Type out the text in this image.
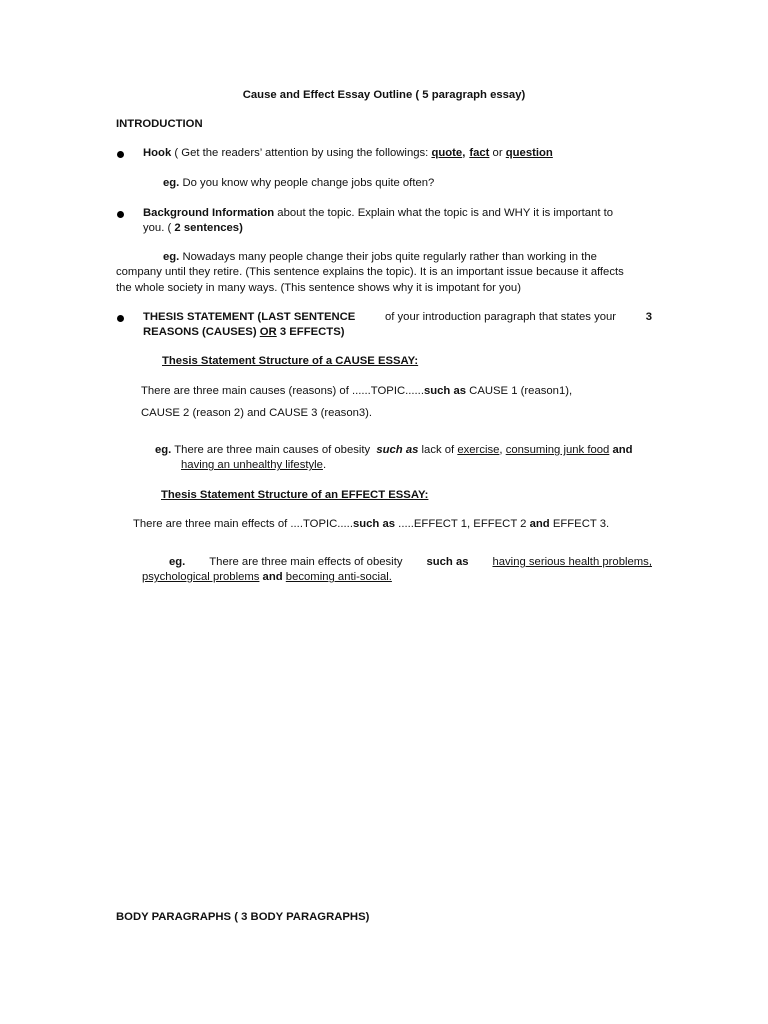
Cause and Effect Essay Outline ( 5 paragraph essay)
INTRODUCTION
Hook ( Get the readers’ attention by using the followings: quote, fact or question
eg. Do you know why people change jobs quite often?
Background Information about the topic. Explain what the topic is and WHY it is important to
you. ( 2 sentences)
eg. Nowadays many people change their jobs quite regularly rather than working in the
company until they retire. (This sentence explains the topic). It is an important issue because it affects
the whole society in many ways. (This sentence shows why it is impotant for you)
THESIS STATEMENT (LAST SENTENCE	of your introduction paragraph that states your	3
REASONS (CAUSES) OR 3 EFFECTS)
Thesis Statement Structure of a CAUSE ESSAY:
There are three main causes (reasons) of ......TOPIC......such as CAUSE 1 (reason1),
CAUSE 2 (reason 2) and CAUSE 3 (reason3).
eg. There are three main causes of obesity such as lack of exercise, consuming junk food and
having an unhealthy lifestyle.
Thesis Statement Structure of an EFFECT ESSAY:
There are three main effects of ....TOPIC.....such as .....EFFECT 1, EFFECT 2 and EFFECT 3.
eg. There are three main effects of obesity such as having serious health problems,
psychological problems and becoming anti-social.
BODY PARAGRAPHS ( 3 BODY PARAGRAPHS)
